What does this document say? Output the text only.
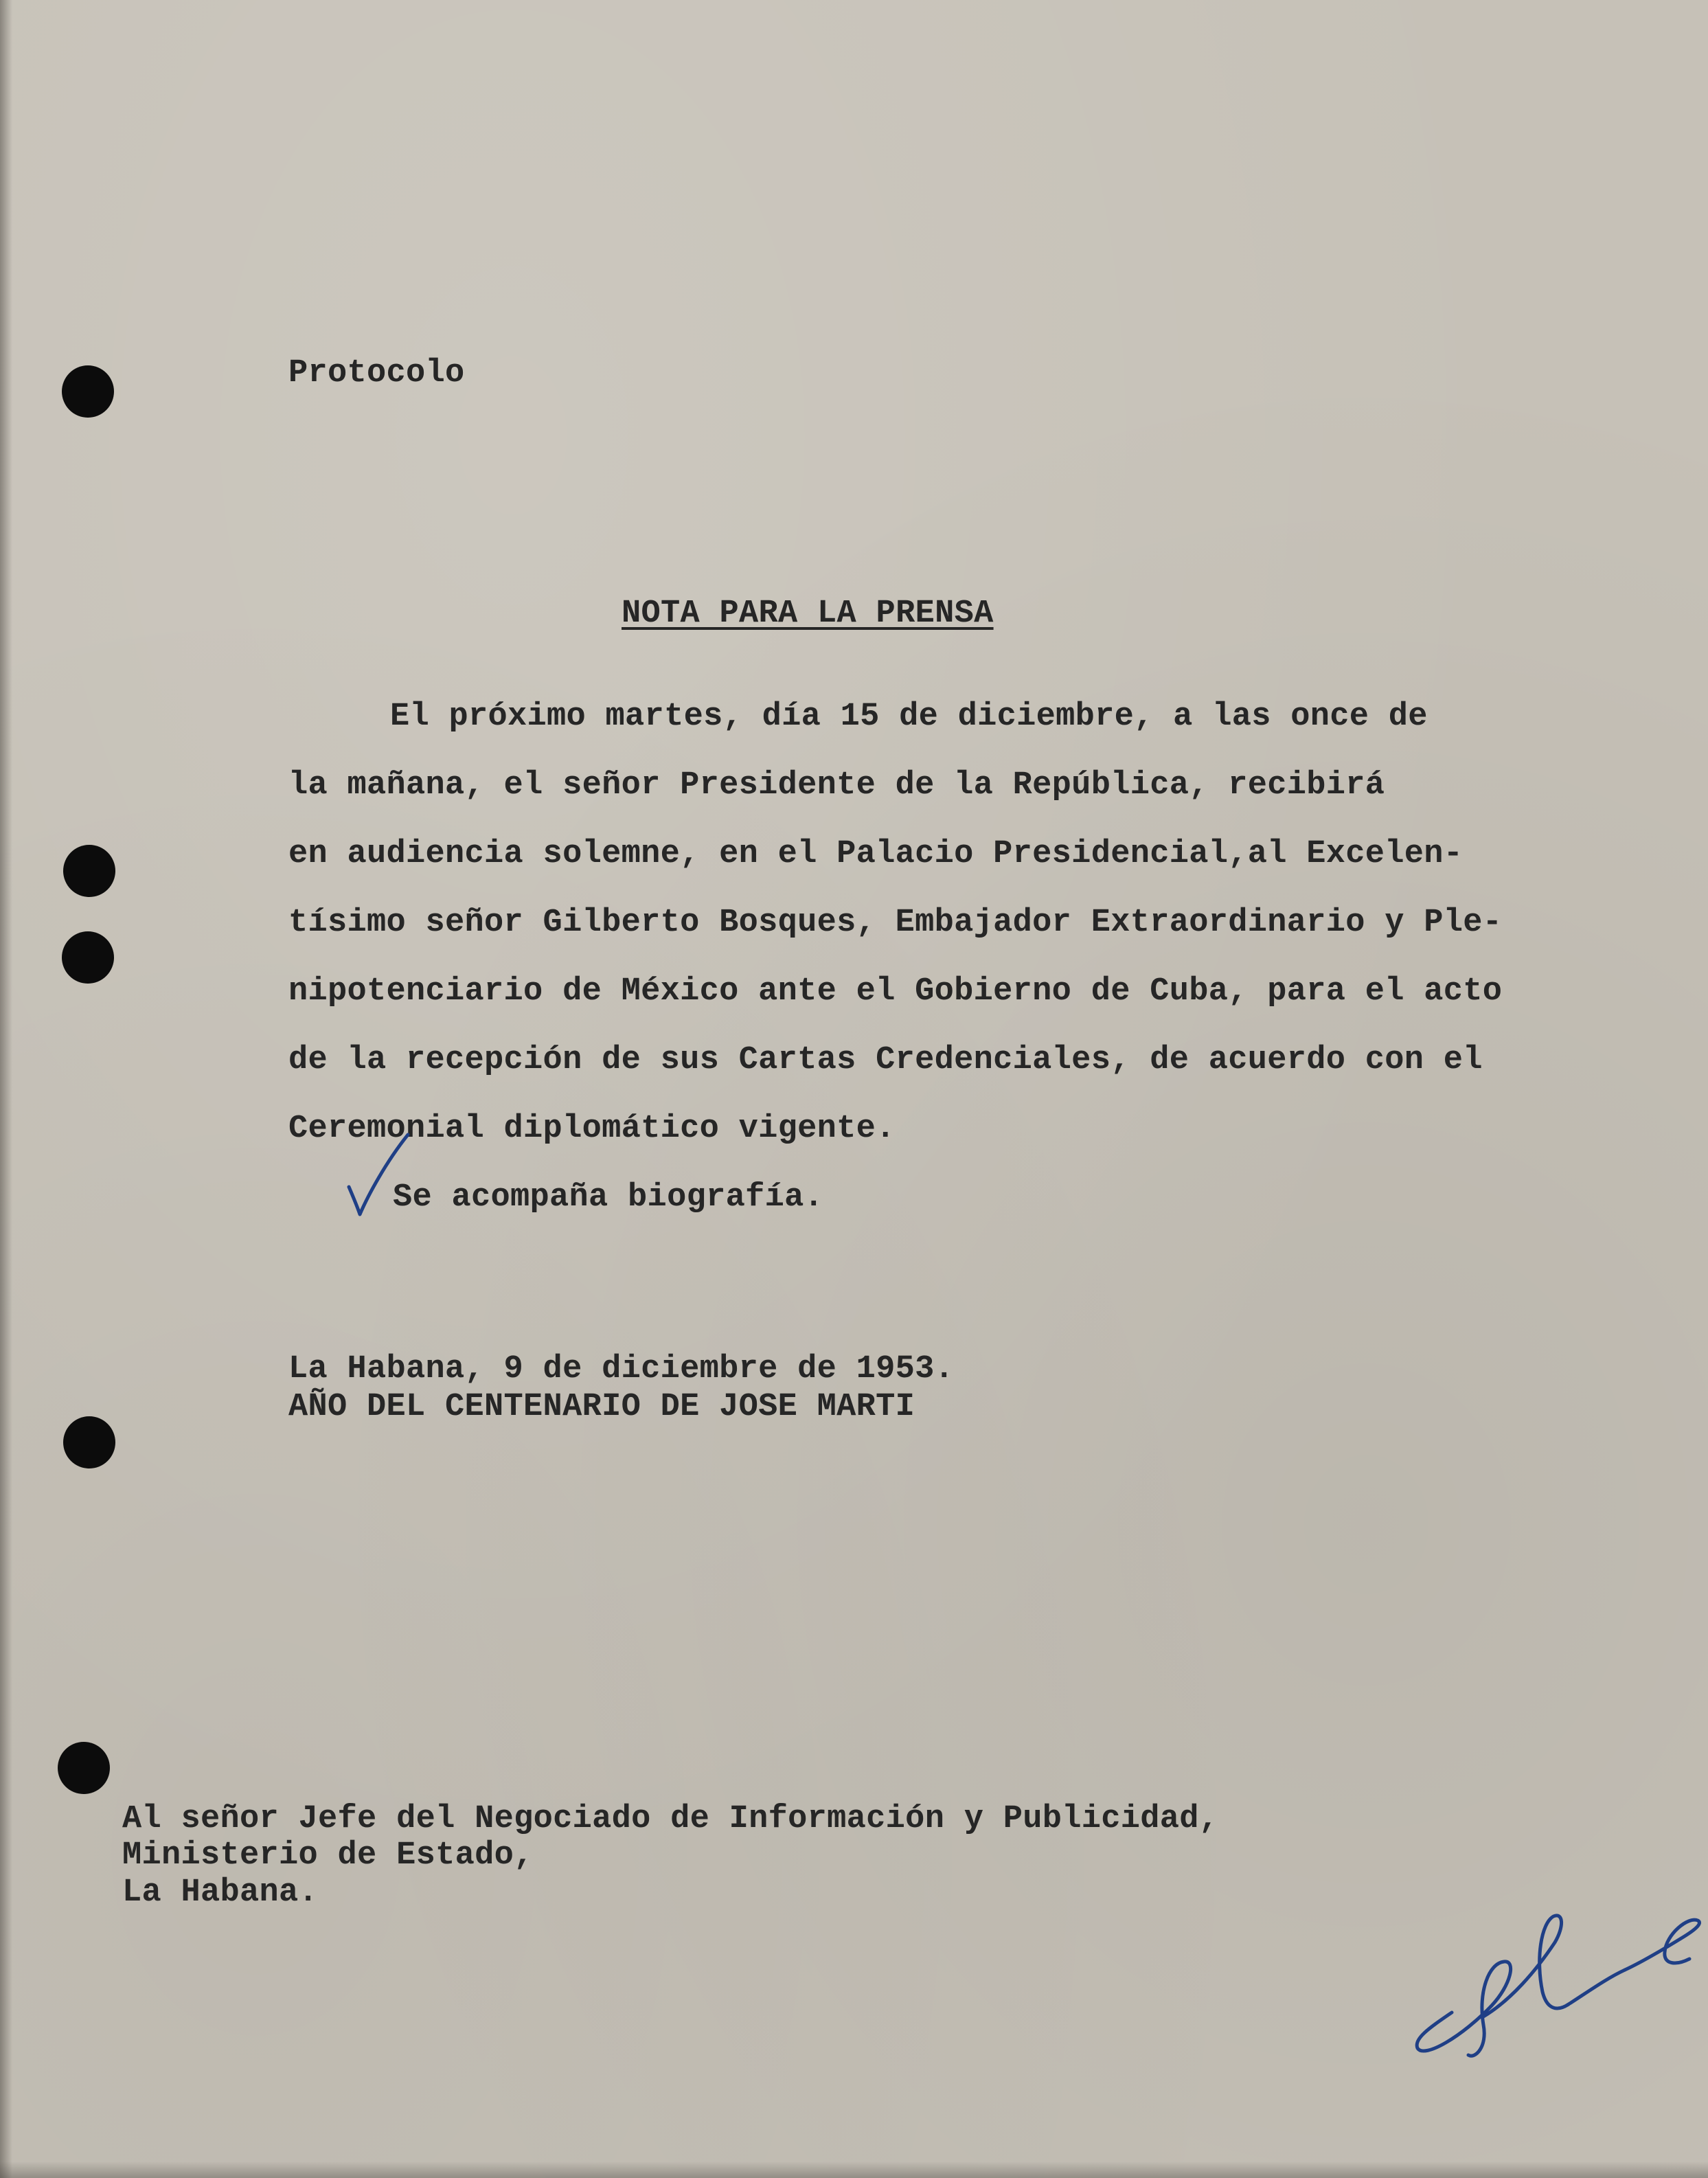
Protocolo
NOTA PARA LA PRENSA
El próximo martes, día 15 de diciembre, a las once de
la mañana, el señor Presidente de la República, recibirá
en audiencia solemne, en el Palacio Presidencial,al Excelen-
tísimo señor Gilberto Bosques, Embajador Extraordinario y Ple-
nipotenciario de México ante el Gobierno de Cuba, para el acto
de la recepción de sus Cartas Credenciales, de acuerdo con el
Ceremonial diplomático vigente.
Se acompaña biografía.
La Habana, 9 de diciembre de 1953.
AÑO DEL CENTENARIO DE JOSE MARTI
Al señor Jefe del Negociado de Información y Publicidad,
Ministerio de Estado,
La Habana.
